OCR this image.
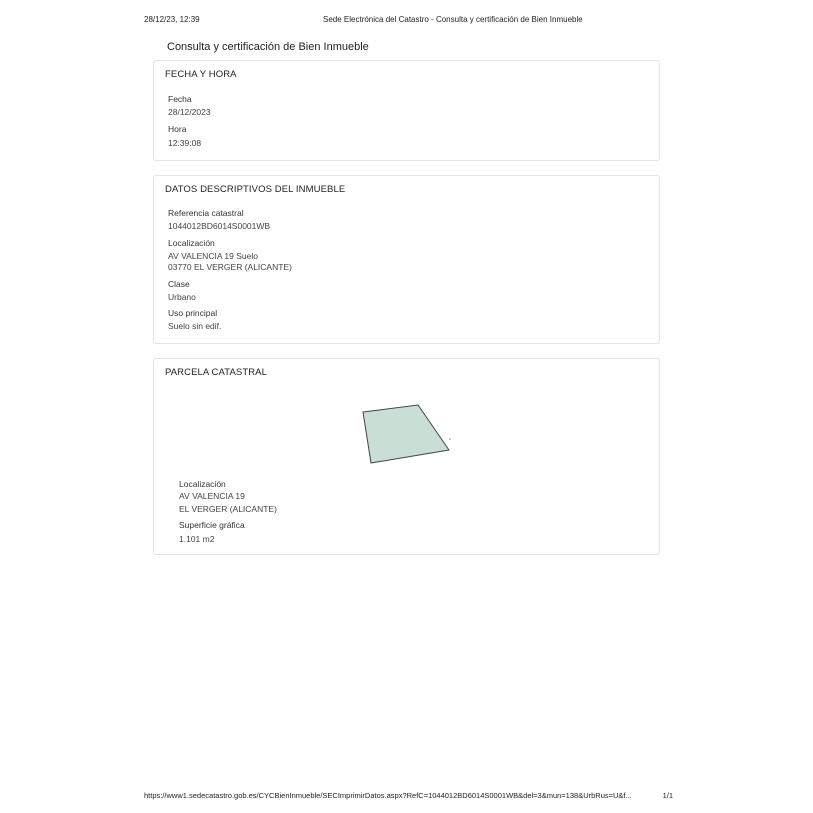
28/12/23, 12:39	Sede Electrónica del Catastro - Consulta y certificación de Bien Inmueble
Consulta y certificación de Bien Inmueble
FECHA Y HORA
Fecha
28/12/2023
Hora
12:39:08
DATOS DESCRIPTIVOS DEL INMUEBLE
Referencia catastral
1044012BD6014S0001WB
Localización
AV VALENCIA 19 Suelo
03770 EL VERGER (ALICANTE)
Clase
Urbano
Uso principal
Suelo sin edif.
PARCELA CATASTRAL
Localización
AV VALENCIA 19
EL VERGER (ALICANTE)
Superficie gráfica
1.101 m2
https://www1.sedecatastro.gob.es/CYCBienInmueble/SECImprimirDatos.aspx?RefC=1044012BD6014S0001WB&del=3&mun=138&UrbRus=U&f...	1/1
